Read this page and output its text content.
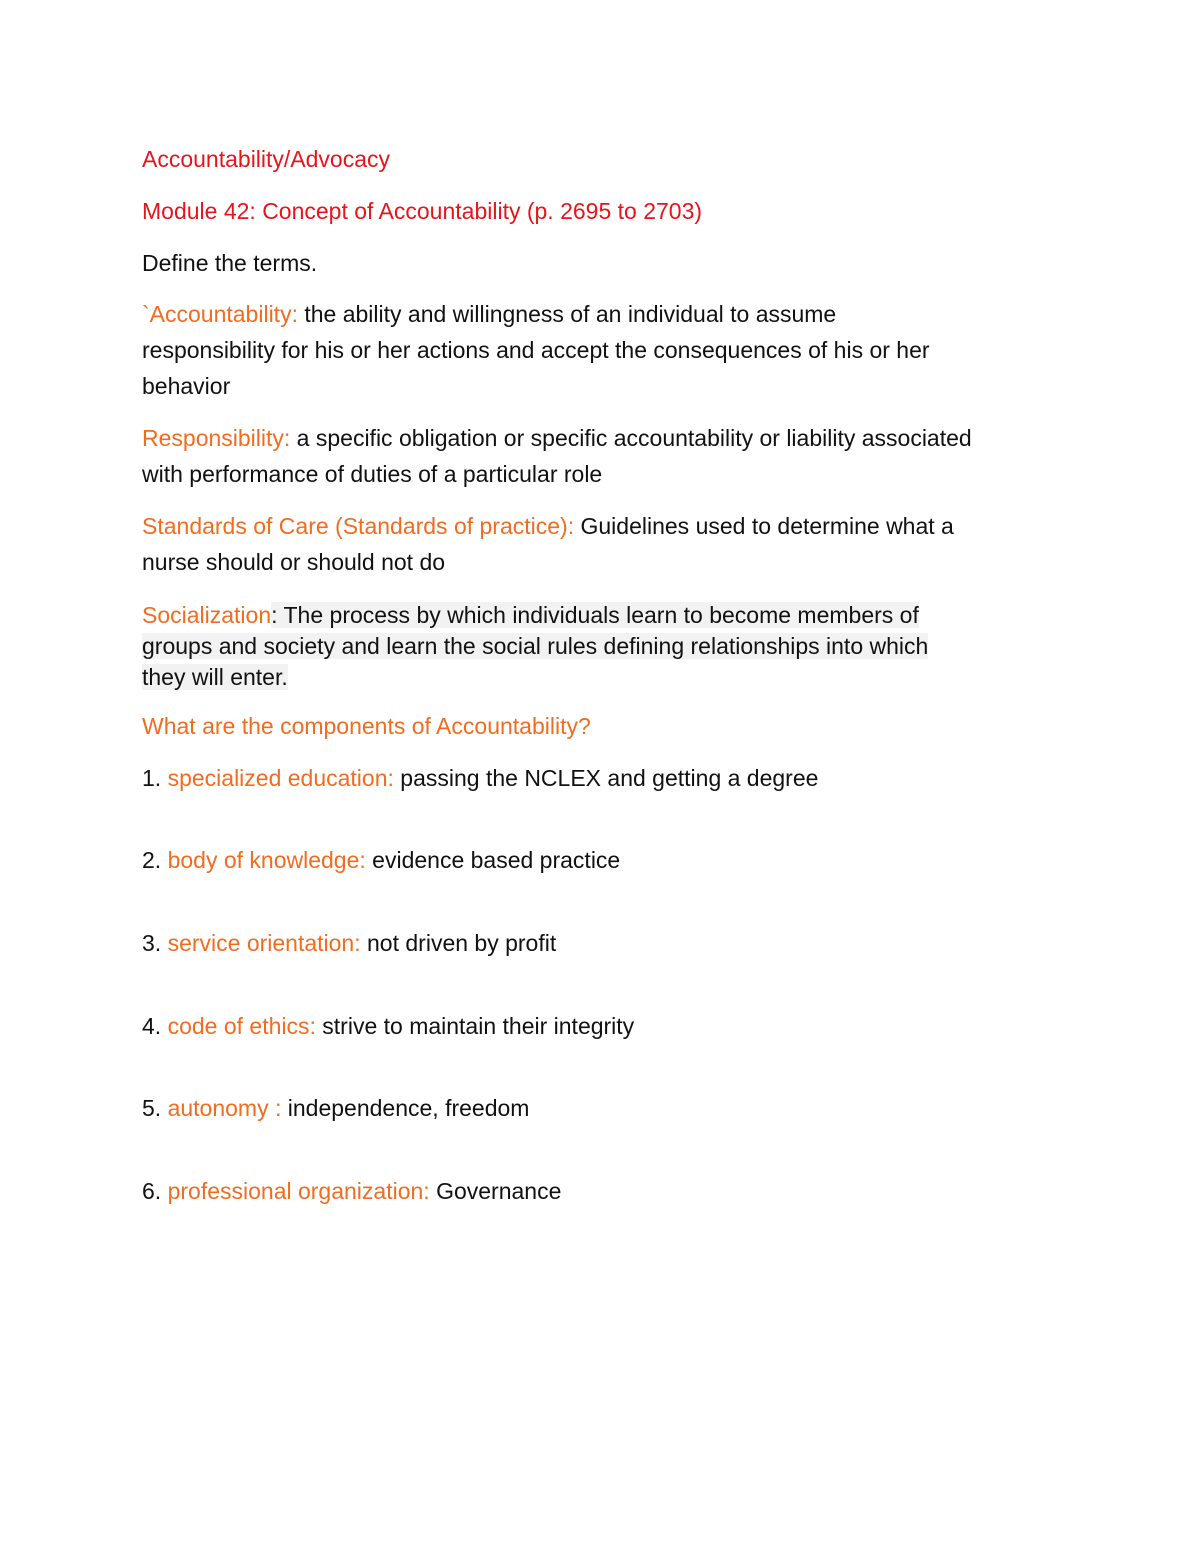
Accountability/Advocacy
Module 42: Concept of Accountability (p. 2695 to 2703)
Define the terms.

`Accountability: the ability and willingness of an individual to assume

responsibility for his or her actions and accept the consequences of his or her

behavior

Responsibility: a specific obligation or specific accountability or liability associated

with performance of duties of a particular role

Standards of Care (Standards of practice): Guidelines used to determine what a

nurse should or should not do

Socialization: The process by which individuals learn to become members of

groups and society and learn the social rules defining relationships into which

they will enter.

What are the components of Accountability?
1. specialized education: passing the NCLEX and getting a degree
2. body of knowledge: evidence based practice
3. service orientation: not driven by profit
4. code of ethics: strive to maintain their integrity
5. autonomy : independence, freedom
6. professional organization: Governance
